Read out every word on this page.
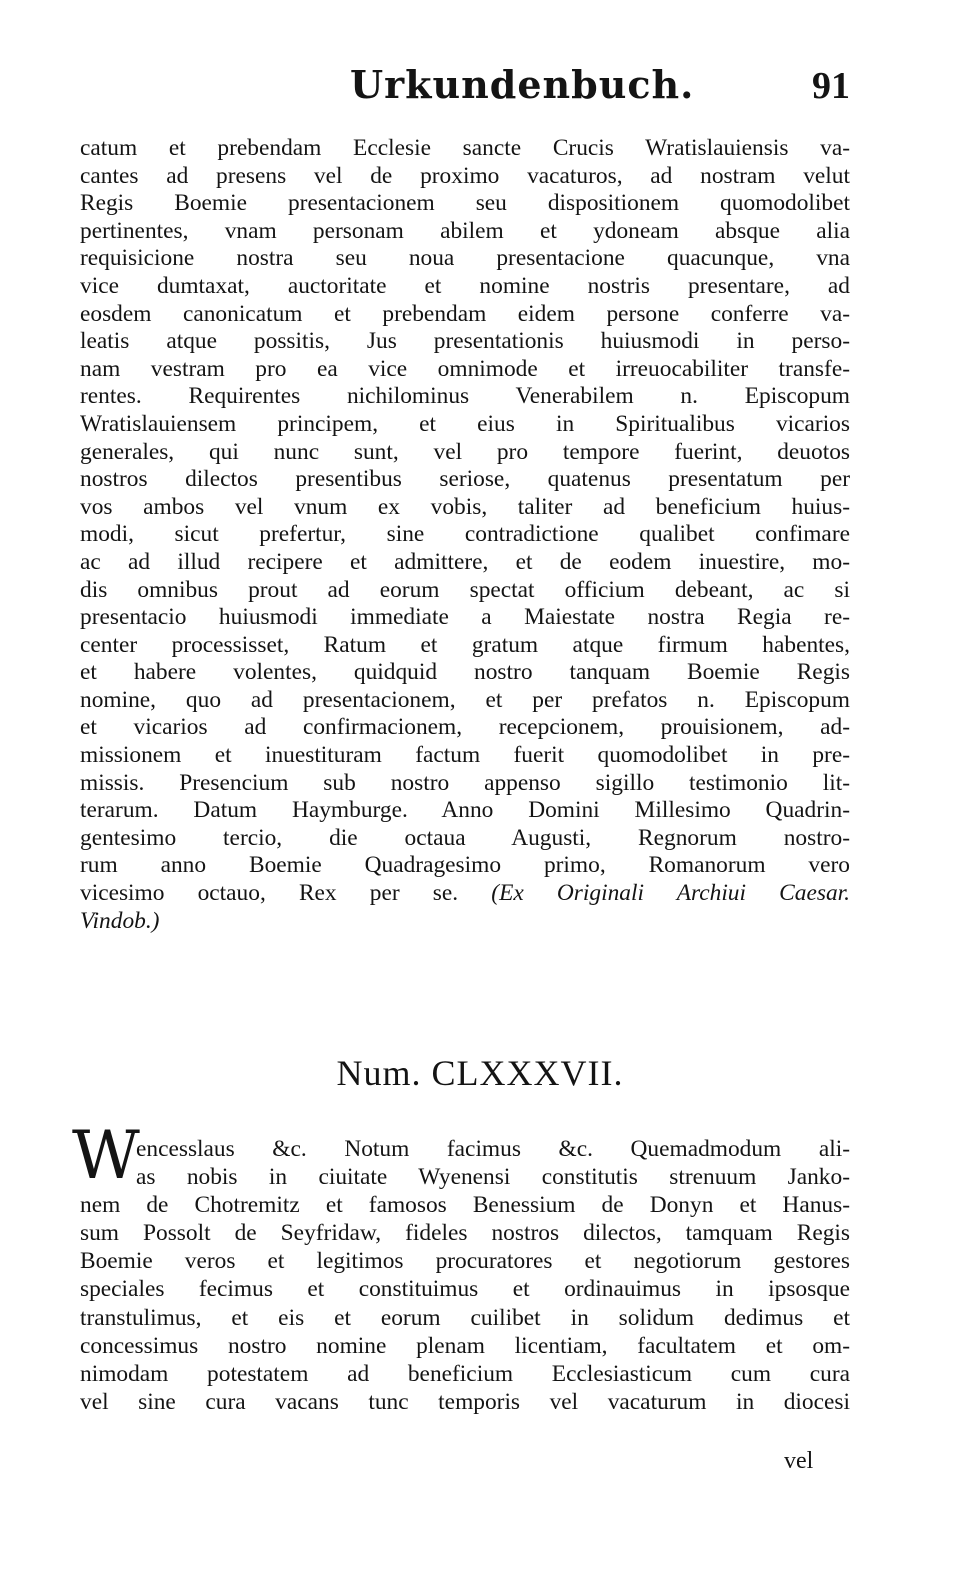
Urkundenbuch.	91
catum et prebendam Ecclesie sancte Crucis Wratislauiensis va-
cantes ad presens vel de proximo vacaturos, ad nostram velut
Regis Boemie presentacionem seu dispositionem quomodolibet
pertinentes, vnam personam abilem et ydoneam absque alia
requisicione nostra seu noua presentacione quacunque, vna
vice dumtaxat, auctoritate et nomine nostris presentare, ad
eosdem canonicatum et prebendam eidem persone conferre va-
leatis atque possitis, Jus presentationis huiusmodi in perso-
nam vestram pro ea vice omnimode et irreuocabiliter transfe-
rentes. Requirentes nichilominus Venerabilem n. Episcopum
Wratislauiensem principem, et eius in Spiritualibus vicarios
generales, qui nunc sunt, vel pro tempore fuerint, deuotos
nostros dilectos presentibus seriose, quatenus presentatum per
vos ambos vel vnum ex vobis, taliter ad beneficium huius-
modi, sicut prefertur, sine contradictione qualibet confimare
ac ad illud recipere et admittere, et de eodem inuestire, mo-
dis omnibus prout ad eorum spectat officium debeant, ac si
presentacio huiusmodi immediate a Maiestate nostra Regia re-
center processisset, Ratum et gratum atque firmum habentes,
et habere volentes, quidquid nostro tanquam Boemie Regis
nomine, quo ad presentacionem, et per prefatos n. Episcopum
et vicarios ad confirmacionem, recepcionem, prouisionem, ad-
missionem et inuestituram factum fuerit quomodolibet in pre-
missis. Presencium sub nostro appenso sigillo testimonio lit-
terarum. Datum Haymburge. Anno Domini Millesimo Quadrin-
gentesimo tercio, die octaua Augusti, Regnorum nostro-
rum anno Boemie Quadragesimo primo, Romanorum vero
vicesimo octauo, Rex per se. (Ex Originali Archiui Caesar.
Vindob.)
Num. CLXXXVII.
W
encesslaus &c. Notum facimus &c. Quemadmodum ali-
as nobis in ciuitate Wyenensi constitutis strenuum Janko-
nem de Chotremitz et famosos Benessium de Donyn et Hanus-
sum Possolt de Seyfridaw, fideles nostros dilectos, tamquam Regis
Boemie veros et legitimos procuratores et negotiorum gestores
speciales fecimus et constituimus et ordinauimus in ipsosque
transtulimus, et eis et eorum cuilibet in solidum dedimus et
concessimus nostro nomine plenam licentiam, facultatem et om-
nimodam potestatem ad beneficium Ecclesiasticum cum cura
vel sine cura vacans tunc temporis vel vacaturum in diocesi
vel
